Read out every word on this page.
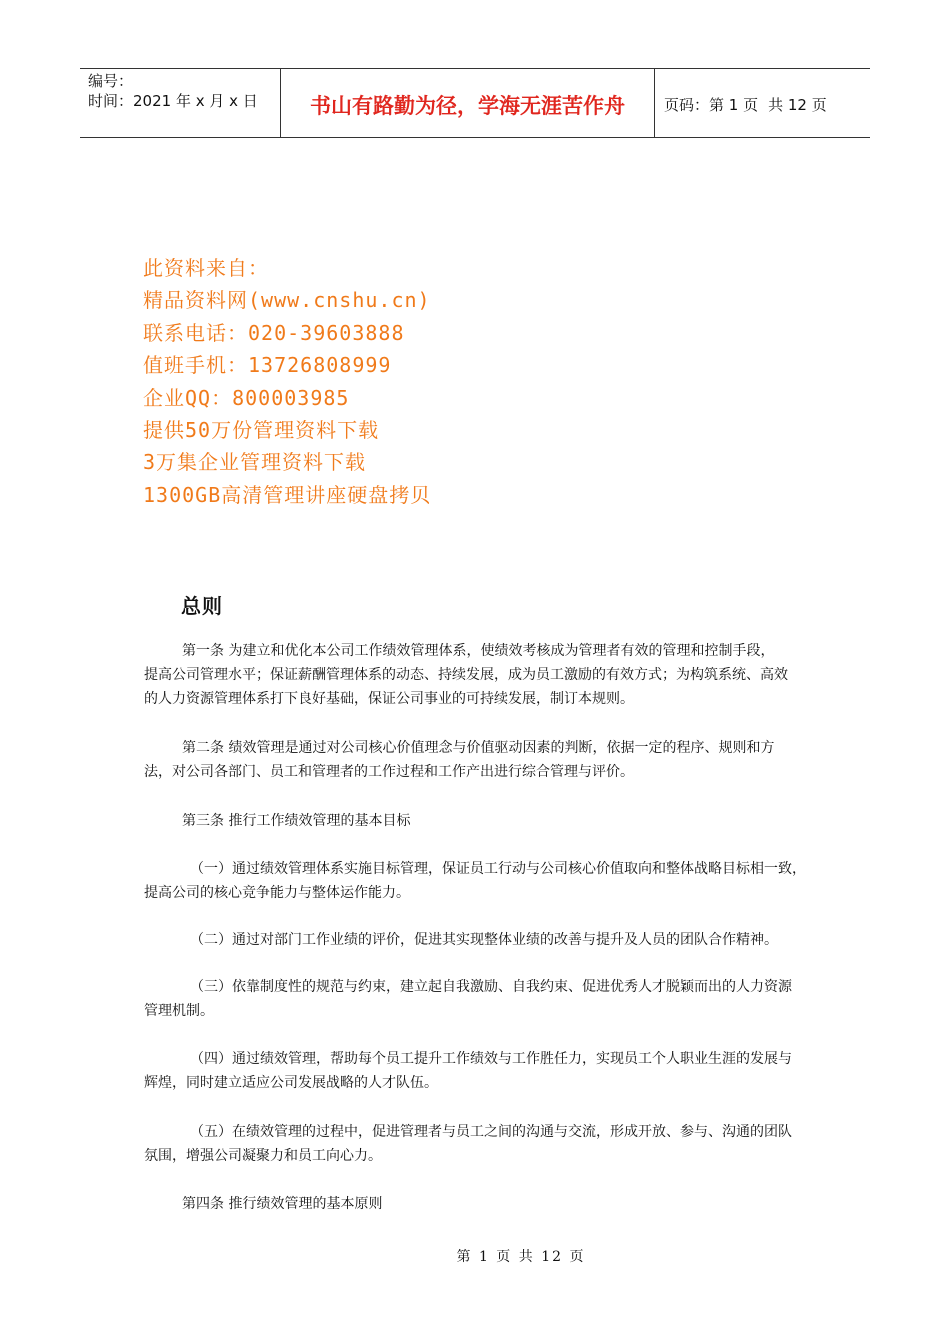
编号：
时间：2021 年 x 月 x 日	书山有路勤为径，学海无涯苦作舟	页码：第 1 页 共 12 页
此资料来自：
精品资料网(www.cnshu.cn)
联系电话：020-39603888
值班手机：13726808999
企业QQ：800003985
提供50万份管理资料下载
3万集企业管理资料下载
1300GB高清管理讲座硬盘拷贝
总则
第一条 为建立和优化本公司工作绩效管理体系，使绩效考核成为管理者有效的管理和控制手段，
提高公司管理水平；保证薪酬管理体系的动态、持续发展，成为员工激励的有效方式；为构筑系统、高效
的人力资源管理体系打下良好基础，保证公司事业的可持续发展，制订本规则。
第二条 绩效管理是通过对公司核心价值理念与价值驱动因素的判断，依据一定的程序、规则和方
法，对公司各部门、员工和管理者的工作过程和工作产出进行综合管理与评价。
第三条 推行工作绩效管理的基本目标
（一）通过绩效管理体系实施目标管理，保证员工行动与公司核心价值取向和整体战略目标相一致，
提高公司的核心竞争能力与整体运作能力。
（二）通过对部门工作业绩的评价，促进其实现整体业绩的改善与提升及人员的团队合作精神。
（三）依靠制度性的规范与约束，建立起自我激励、自我约束、促进优秀人才脱颖而出的人力资源
管理机制。
（四）通过绩效管理，帮助每个员工提升工作绩效与工作胜任力，实现员工个人职业生涯的发展与
辉煌，同时建立适应公司发展战略的人才队伍。
（五）在绩效管理的过程中，促进管理者与员工之间的沟通与交流，形成开放、参与、沟通的团队
氛围，增强公司凝聚力和员工向心力。
第四条 推行绩效管理的基本原则
第 1 页 共 12 页
